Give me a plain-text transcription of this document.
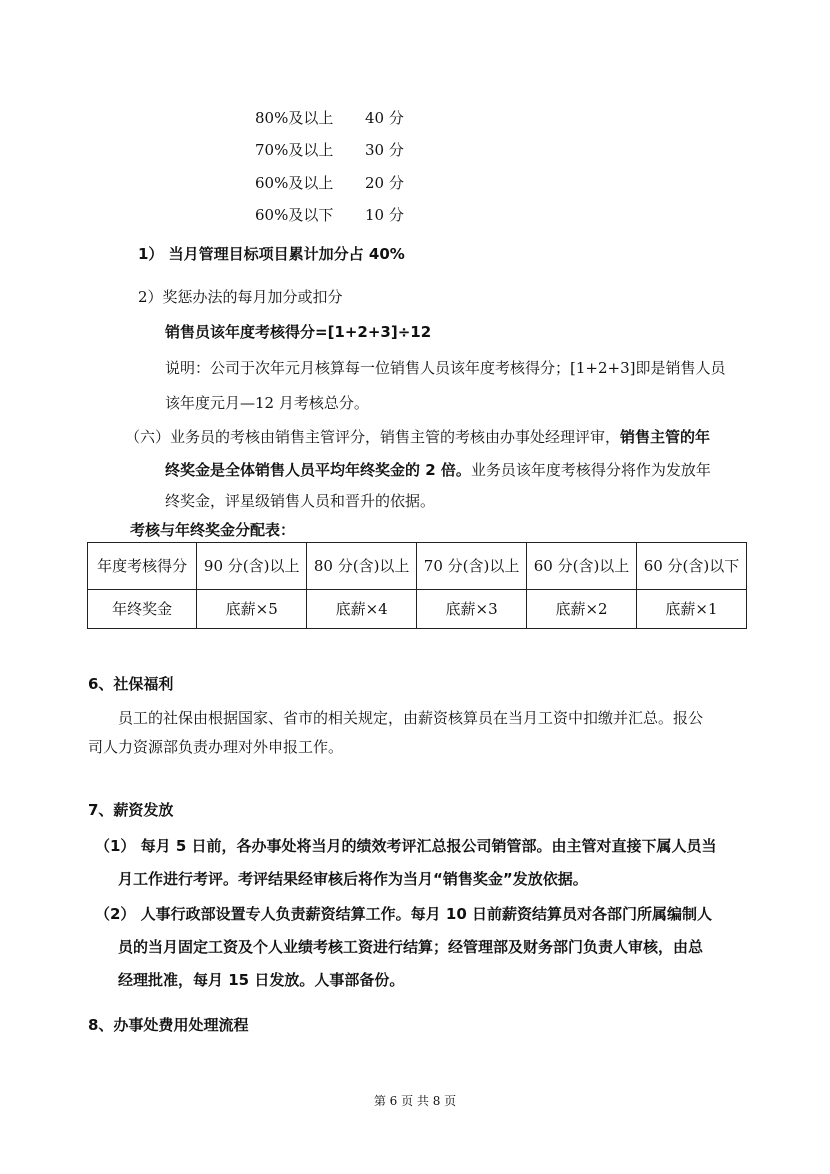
80%及以上 40 分
70%及以上 30 分
60%及以上 20 分
60%及以下 10 分
1） 当月管理目标项目累计加分占 40%
2）奖惩办法的每月加分或扣分
销售员该年度考核得分=[1+2+3]÷12
说明：公司于次年元月核算每一位销售人员该年度考核得分；[1+2+3]即是销售人员
该年度元月—12 月考核总分。
（六）业务员的考核由销售主管评分，销售主管的考核由办事处经理评审，销售主管的年
终奖金是全体销售人员平均年终奖金的 2 倍。业务员该年度考核得分将作为发放年
终奖金，评星级销售人员和晋升的依据。
考核与年终奖金分配表：
年度考核得分	90 分(含)以上	80 分(含)以上	70 分(含)以上	60 分(含)以上	60 分(含)以下
年终奖金	底薪×5	底薪×4	底薪×3	底薪×2	底薪×1
6、社保福利
员工的社保由根据国家、省市的相关规定，由薪资核算员在当月工资中扣缴并汇总。报公
司人力资源部负责办理对外申报工作。
7、薪资发放
（1） 每月 5 日前，各办事处将当月的绩效考评汇总报公司销管部。由主管对直接下属人员当
月工作进行考评。考评结果经审核后将作为当月“销售奖金”发放依据。
（2） 人事行政部设置专人负责薪资结算工作。每月 10 日前薪资结算员对各部门所属编制人
员的当月固定工资及个人业绩考核工资进行结算；经管理部及财务部门负责人审核，由总
经理批准，每月 15 日发放。人事部备份。
8、办事处费用处理流程
第 6 页 共 8 页
